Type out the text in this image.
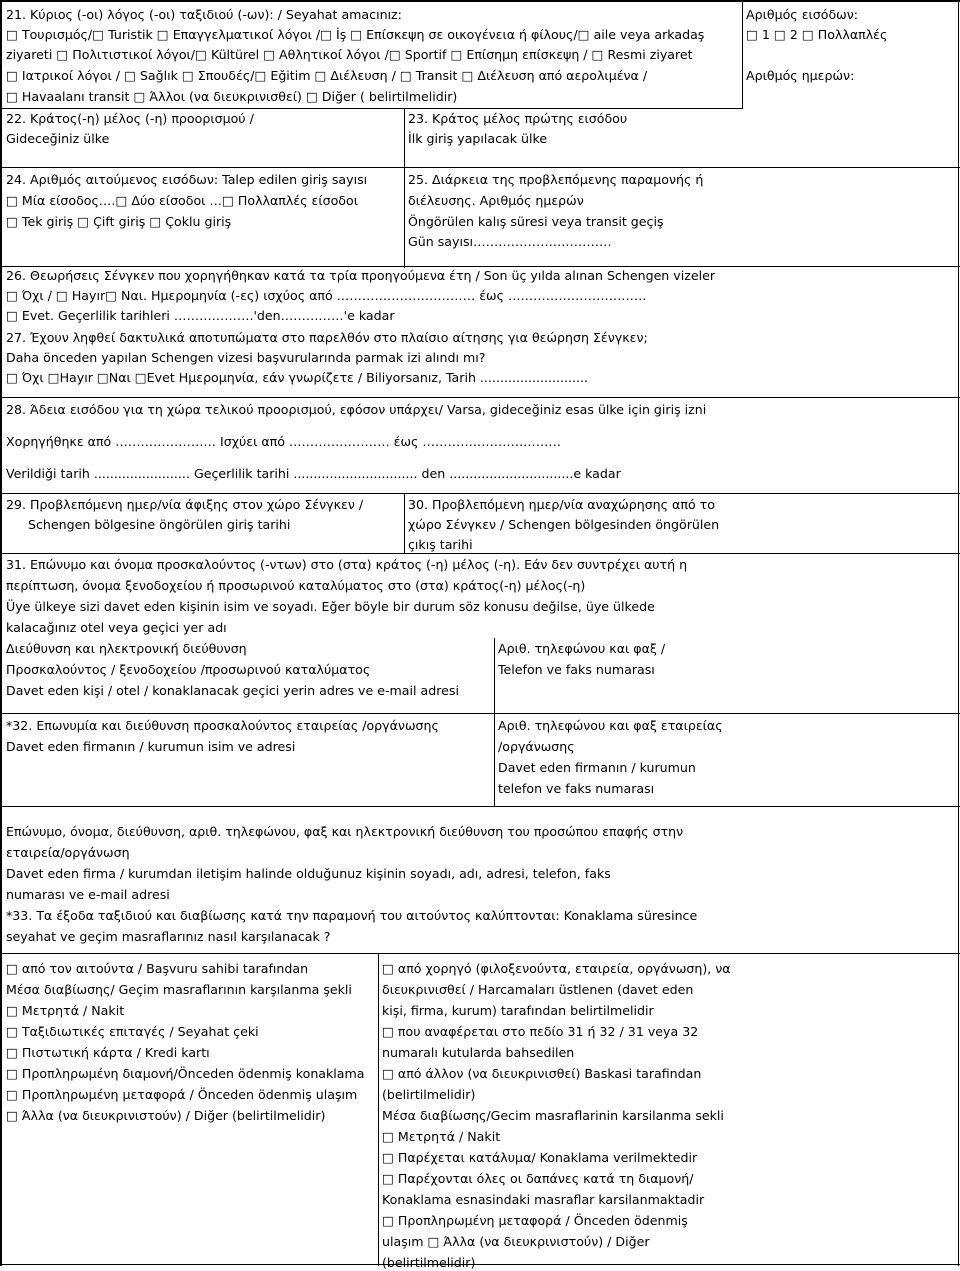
21. Κύριος (-οι) λόγος (-οι) ταξιδιού (-ων): / Seyahat amacınız:
□ Τουρισμός/□ Turistik □ Επαγγελματικοί λόγοι /□ İş □ Επίσκεψη σε οικογένεια ή φίλους/□ aile veya arkadaş
ziyareti □ Πολιτιστικοί λόγοι/□ Kültürel □ Αθλητικοί λόγοι /□ Sportif □ Επίσημη επίσκεψη / □ Resmi ziyaret
□ Ιατρικοί λόγοι / □ Sağlık □ Σπουδές/□ Eğitim □ Διέλευση / □ Transit □ Διέλευση από αερολιμένα /
□ Havaalanı transit □ Άλλοι (να διευκρινισθεί) □ Diğer ( belirtilmelidir)
Αριθμός εισόδων:
□ 1 □ 2 □ Πολλαπλές
Αριθμός ημερών:
22. Κράτος(-η) μέλος (-η) προορισμού /
Gideceğiniz ülke
23. Κράτος μέλος πρώτης εισόδου
İlk giriş yapılacak ülke
24. Αριθμός αιτούμενος εισόδων: Talep edilen giriş sayısı
□ Μία είσοδος.…□ Δύο είσοδοι …□ Πολλαπλές είσοδοι
□ Tek giriş □ Çift giriş □ Çoklu giriş
25. Διάρκεια της προβλεπόμενης παραμονής ή
διέλευσης. Αριθμός ημερών
Öngörülen kalış süresi veya transit geçiş
Gün sayısı……………………………
26. Θεωρήσεις Σένγκεν που χορηγήθηκαν κατά τα τρία προηγούμενα έτη / Son üç yılda alınan Schengen vizeler
□ Όχι / □ Hayır□ Ναι. Ημερομηνία (-ες) ισχύος από …………………………… έως ……………………………
□ Evet. Geçerlilik tarihleri ……………….'den……………'e kadar
27. Έχουν ληφθεί δακτυλικά αποτυπώματα στο παρελθόν στο πλαίσιο αίτησης για θεώρηση Σένγκεν;
Daha önceden yapılan Schengen vizesi başvurularında parmak izi alındı mı?
□ Όχι □Hayır □Ναι □Evet Ημερομηνία, εάν γνωρίζετε / Biliyorsanız, Tarih ...........................
28. Άδεια εισόδου για τη χώρα τελικού προορισμού, εφόσον υπάρχει/ Varsa, gideceğiniz esas ülke için giriş izni
Χορηγήθηκε από …………………… Ισχύει από …………………… έως ……………………………
Verildiği tarih ........................ Geçerlilik tarihi ............................... den ...............................e kadar
29. Προβλεπόμενη ημερ/νία άφιξης στον χώρο Σένγκεν /
Schengen bölgesine öngörülen giriş tarihi
30. Προβλεπόμενη ημερ/νία αναχώρησης από το
χώρο Σένγκεν / Schengen bölgesinden öngörülen
çıkış tarihi
31. Επώνυμο και όνομα προσκαλούντος (-ντων) στο (στα) κράτος (-η) μέλος (-η). Εάν δεν συντρέχει αυτή η
περίπτωση, όνομα ξενοδοχείου ή προσωρινού καταλύματος στο (στα) κράτος(-η) μέλος(-η)
Üye ülkeye sizi davet eden kişinin isim ve soyadı. Eğer böyle bir durum söz konusu değilse, üye ülkede
kalacağınız otel veya geçici yer adı
Διεύθυνση και ηλεκτρονική διεύθυνση
Προσκαλούντος / ξενοδοχείου /προσωρινού καταλύματος
Davet eden kişi / otel / konaklanacak geçici yerin adres ve e-mail adresi
Αριθ. τηλεφώνου και φαξ /
Telefon ve faks numarası
*32. Επωνυμία και διεύθυνση προσκαλούντος εταιρείας /οργάνωσης
Davet eden firmanın / kurumun isim ve adresi
Αριθ. τηλεφώνου και φαξ εταιρείας
/οργάνωσης
Davet eden firmanın / kurumun
telefon ve faks numarası
Επώνυμο, όνομα, διεύθυνση, αριθ. τηλεφώνου, φαξ και ηλεκτρονική διεύθυνση του προσώπου επαφής στην
εταιρεία/οργάνωση
Davet eden firma / kurumdan iletişim halinde olduğunuz kişinin soyadı, adı, adresi, telefon, faks
numarası ve e-mail adresi
*33. Τα έξοδα ταξιδιού και διαβίωσης κατά την παραμονή του αιτούντος καλύπτονται: Konaklama süresince
seyahat ve geçim masraflarınız nasıl karşılanacak ?
□ από τον αιτούντα / Başvuru sahibi tarafından
Μέσα διαβίωσης/ Geçim masraflarının karşılanma şekli
□ Μετρητά / Nakit
□ Ταξιδιωτικές επιταγές / Seyahat çeki
□ Πιστωτική κάρτα / Kredi kartı
□ Προπληρωμένη διαμονή/Önceden ödenmiş konaklama
□ Προπληρωμένη μεταφορά / Önceden ödenmiş ulaşım
□ Άλλα (να διευκρινιστούν) / Diğer (belirtilmelidir)
□ από χορηγό (φιλοξενούντα, εταιρεία, οργάνωση), να
διευκρινισθεί / Harcamaları üstlenen (davet eden
kişi, firma, kurum) tarafından belirtilmelidir
□ που αναφέρεται στο πεδίο 31 ή 32 / 31 veya 32
numaralı kutularda bahsedilen
□ από άλλον (να διευκρινισθεί) Baskasi tarafindan
(belirtilmelidir)
Μέσα διαβίωσης/Gecim masraflarinin karsilanma sekli
□ Μετρητά / Nakit
□ Παρέχεται κατάλυμα/ Konaklama verilmektedir
□ Παρέχονται όλες οι δαπάνες κατά τη διαμονή/
Konaklama esnasindaki masraflar karsilanmaktadir
□ Προπληρωμένη μεταφορά / Önceden ödenmiş
ulaşım □ Άλλα (να διευκρινιστούν) / Diğer
(belirtilmelidir)
